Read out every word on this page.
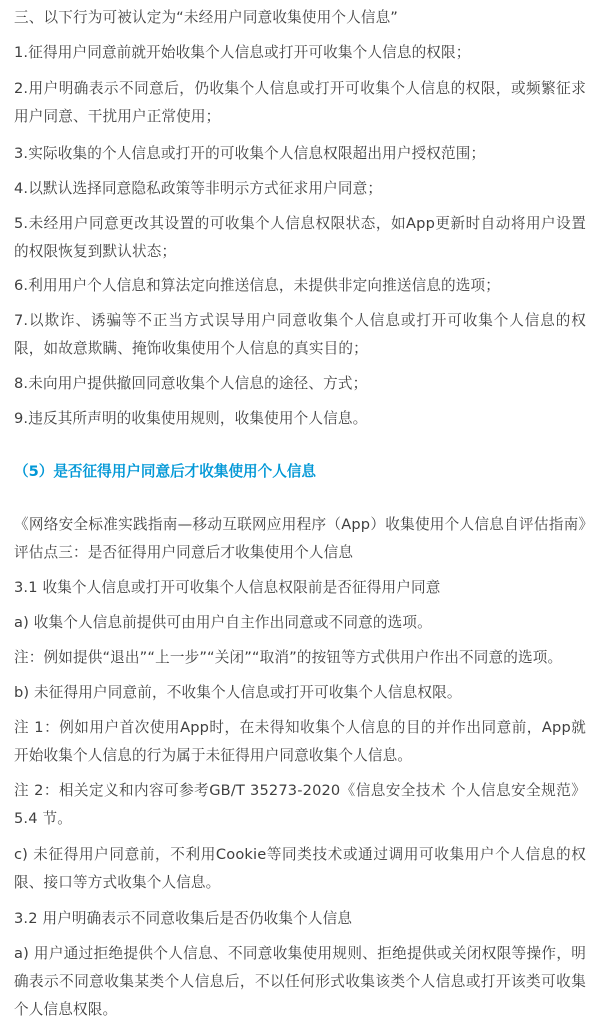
三、以下行为可被认定为“未经用户同意收集使用个人信息”

1.征得用户同意前就开始收集个人信息或打开可收集个人信息的权限；

2.用户明确表示不同意后，仍收集个人信息或打开可收集个人信息的权限，或频繁征求用户同意、干扰用户正常使用；

3.实际收集的个人信息或打开的可收集个人信息权限超出用户授权范围；

4.以默认选择同意隐私政策等非明示方式征求用户同意；

5.未经用户同意更改其设置的可收集个人信息权限状态，如App更新时自动将用户设置的权限恢复到默认状态；

6.利用用户个人信息和算法定向推送信息，未提供非定向推送信息的选项；

7.以欺诈、诱骗等不正当方式误导用户同意收集个人信息或打开可收集个人信息的权限，如故意欺瞒、掩饰收集使用个人信息的真实目的；

8.未向用户提供撤回同意收集个人信息的途径、方式；

9.违反其所声明的收集使用规则，收集使用个人信息。

（5）是否征得用户同意后才收集使用个人信息

《网络安全标准实践指南—移动互联网应用程序（App）收集使用个人信息自评估指南》评估点三：是否征得用户同意后才收集使用个人信息

3.1 收集个人信息或打开可收集个人信息权限前是否征得用户同意

a) 收集个人信息前提供可由用户自主作出同意或不同意的选项。

注：例如提供“退出”“上一步”“关闭”“取消”的按钮等方式供用户作出不同意的选项。

b) 未征得用户同意前，不收集个人信息或打开可收集个人信息权限。

注 1：例如用户首次使用App时，在未得知收集个人信息的目的并作出同意前，App就开始收集个人信息的行为属于未征得用户同意收集个人信息。

注 2：相关定义和内容可参考GB/T 35273-2020《信息安全技术 个人信息安全规范》5.4 节。

c) 未征得用户同意前，不利用Cookie等同类技术或通过调用可收集用户个人信息的权限、接口等方式收集个人信息。

3.2 用户明确表示不同意收集后是否仍收集个人信息

a) 用户通过拒绝提供个人信息、不同意收集使用规则、拒绝提供或关闭权限等操作，明确表示不同意收集某类个人信息后，不以任何形式收集该类个人信息或打开该类可收集个人信息权限。
